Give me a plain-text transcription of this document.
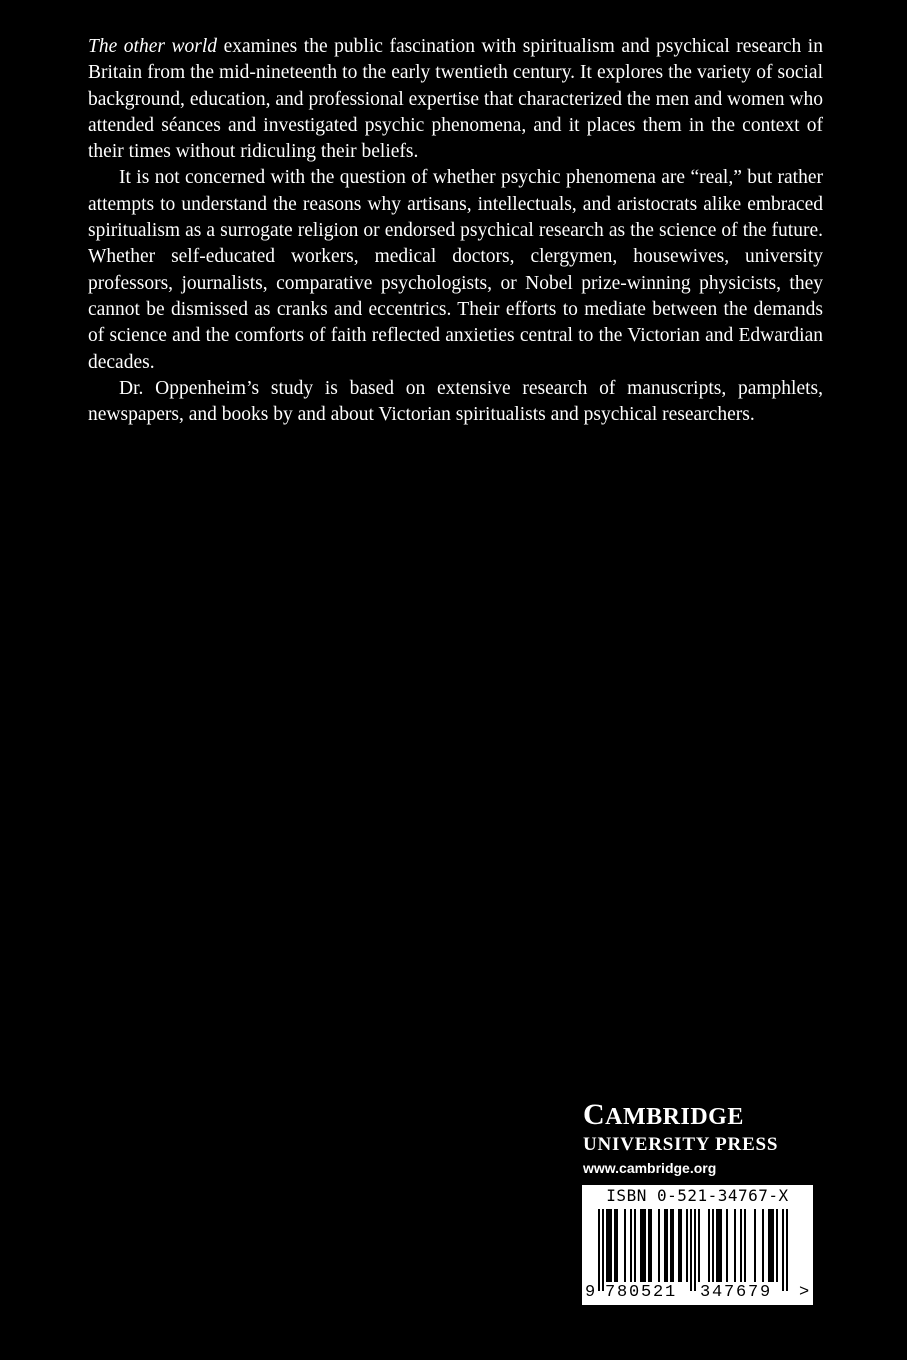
The other world examines the public fascination with spiritualism and psychical research in Britain from the mid-nineteenth to the early twentieth century. It explores the variety of social background, education, and professional expertise that characterized the men and women who attended séances and investigated psychic phenomena, and it places them in the context of their times without ridiculing their beliefs.

It is not concerned with the question of whether psychic phenomena are “real,” but rather attempts to understand the reasons why artisans, intellectuals, and aristocrats alike embraced spiritualism as a surrogate religion or endorsed psychical research as the science of the future. Whether self-educated workers, medical doctors, clergymen, housewives, university professors, journalists, comparative psychologists, or Nobel prize-winning physicists, they cannot be dismissed as cranks and eccentrics. Their efforts to mediate between the demands of science and the comforts of faith reflected anxieties central to the Victorian and Edwardian decades.

Dr. Oppenheim’s study is based on extensive research of manuscripts, pamphlets, newspapers, and books by and about Victorian spiritualists and psychical researchers.

CAMBRIDGE
UNIVERSITY PRESS
www.cambridge.org
ISBN 0-521-34767-X
9 780521 347679 >
